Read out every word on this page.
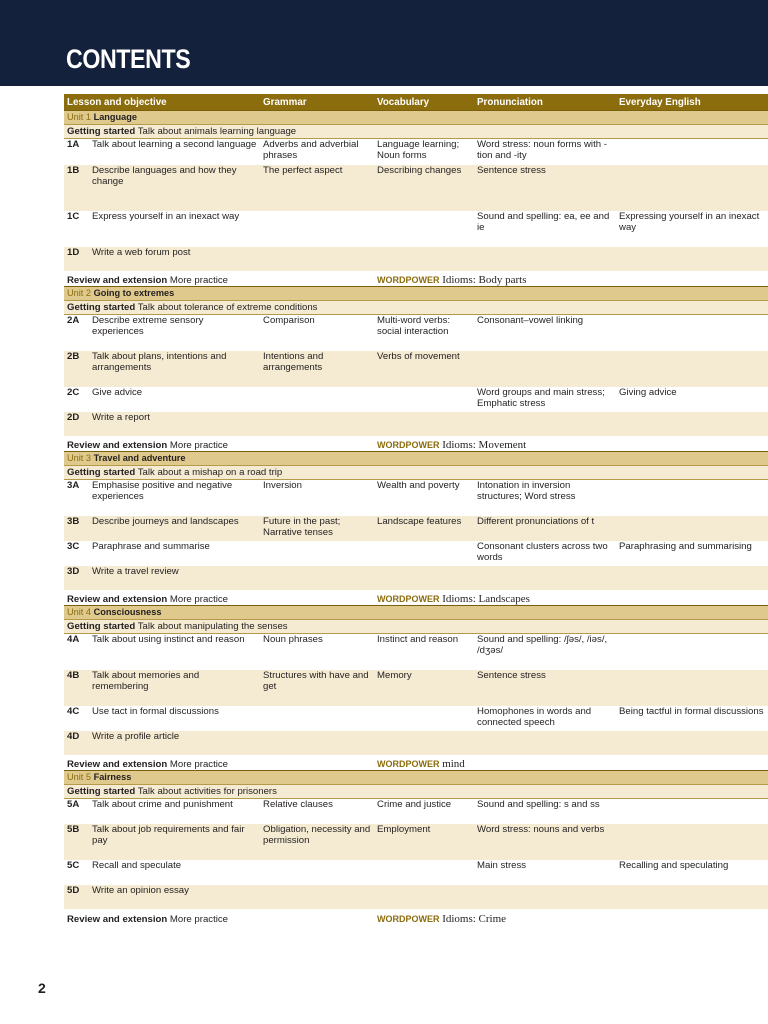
CONTENTS
Lesson and objective		Grammar	Vocabulary	Pronunciation	Everyday English
Unit 1 Language					
Getting started Talk about animals learning language					
1A	Talk about learning a second language	Adverbs and adverbial phrases	Language learning; Noun forms	Word stress: noun forms with -tion and -ity	
1B	Describe languages and how they change	The perfect aspect	Describing changes	Sentence stress	
1C	Express yourself in an inexact way			Sound and spelling: ea, ee and ie	Expressing yourself in an inexact way
1D	Write a web forum post				
Review and extension More practice			WORDPOWER Idioms: Body parts		
Unit 2 Going to extremes					
Getting started Talk about tolerance of extreme conditions					
2A	Describe extreme sensory experiences	Comparison	Multi-word verbs: social interaction	Consonant–vowel linking	
2B	Talk about plans, intentions and arrangements	Intentions and arrangements	Verbs of movement		
2C	Give advice			Word groups and main stress; Emphatic stress	Giving advice
2D	Write a report				
Review and extension More practice			WORDPOWER Idioms: Movement		
Unit 3 Travel and adventure					
Getting started Talk about a mishap on a road trip					
3A	Emphasise positive and negative experiences	Inversion	Wealth and poverty	Intonation in inversion structures; Word stress	
3B	Describe journeys and landscapes	Future in the past; Narrative tenses	Landscape features	Different pronunciations of t	
3C	Paraphrase and summarise			Consonant clusters across two words	Paraphrasing and summarising
3D	Write a travel review				
Review and extension More practice			WORDPOWER Idioms: Landscapes		
Unit 4 Consciousness					
Getting started Talk about manipulating the senses					
4A	Talk about using instinct and reason	Noun phrases	Instinct and reason	Sound and spelling: /ʃəs/, /iəs/, /dʒəs/	
4B	Talk about memories and remembering	Structures with have and get	Memory	Sentence stress	
4C	Use tact in formal discussions			Homophones in words and connected speech	Being tactful in formal discussions
4D	Write a profile article				
Review and extension More practice			WORDPOWER mind		
Unit 5 Fairness					
Getting started Talk about activities for prisoners					
5A	Talk about crime and punishment	Relative clauses	Crime and justice	Sound and spelling: s and ss	
5B	Talk about job requirements and fair pay	Obligation, necessity and permission	Employment	Word stress: nouns and verbs	
5C	Recall and speculate			Main stress	Recalling and speculating
5D	Write an opinion essay				
Review and extension More practice			WORDPOWER Idioms: Crime		
2
